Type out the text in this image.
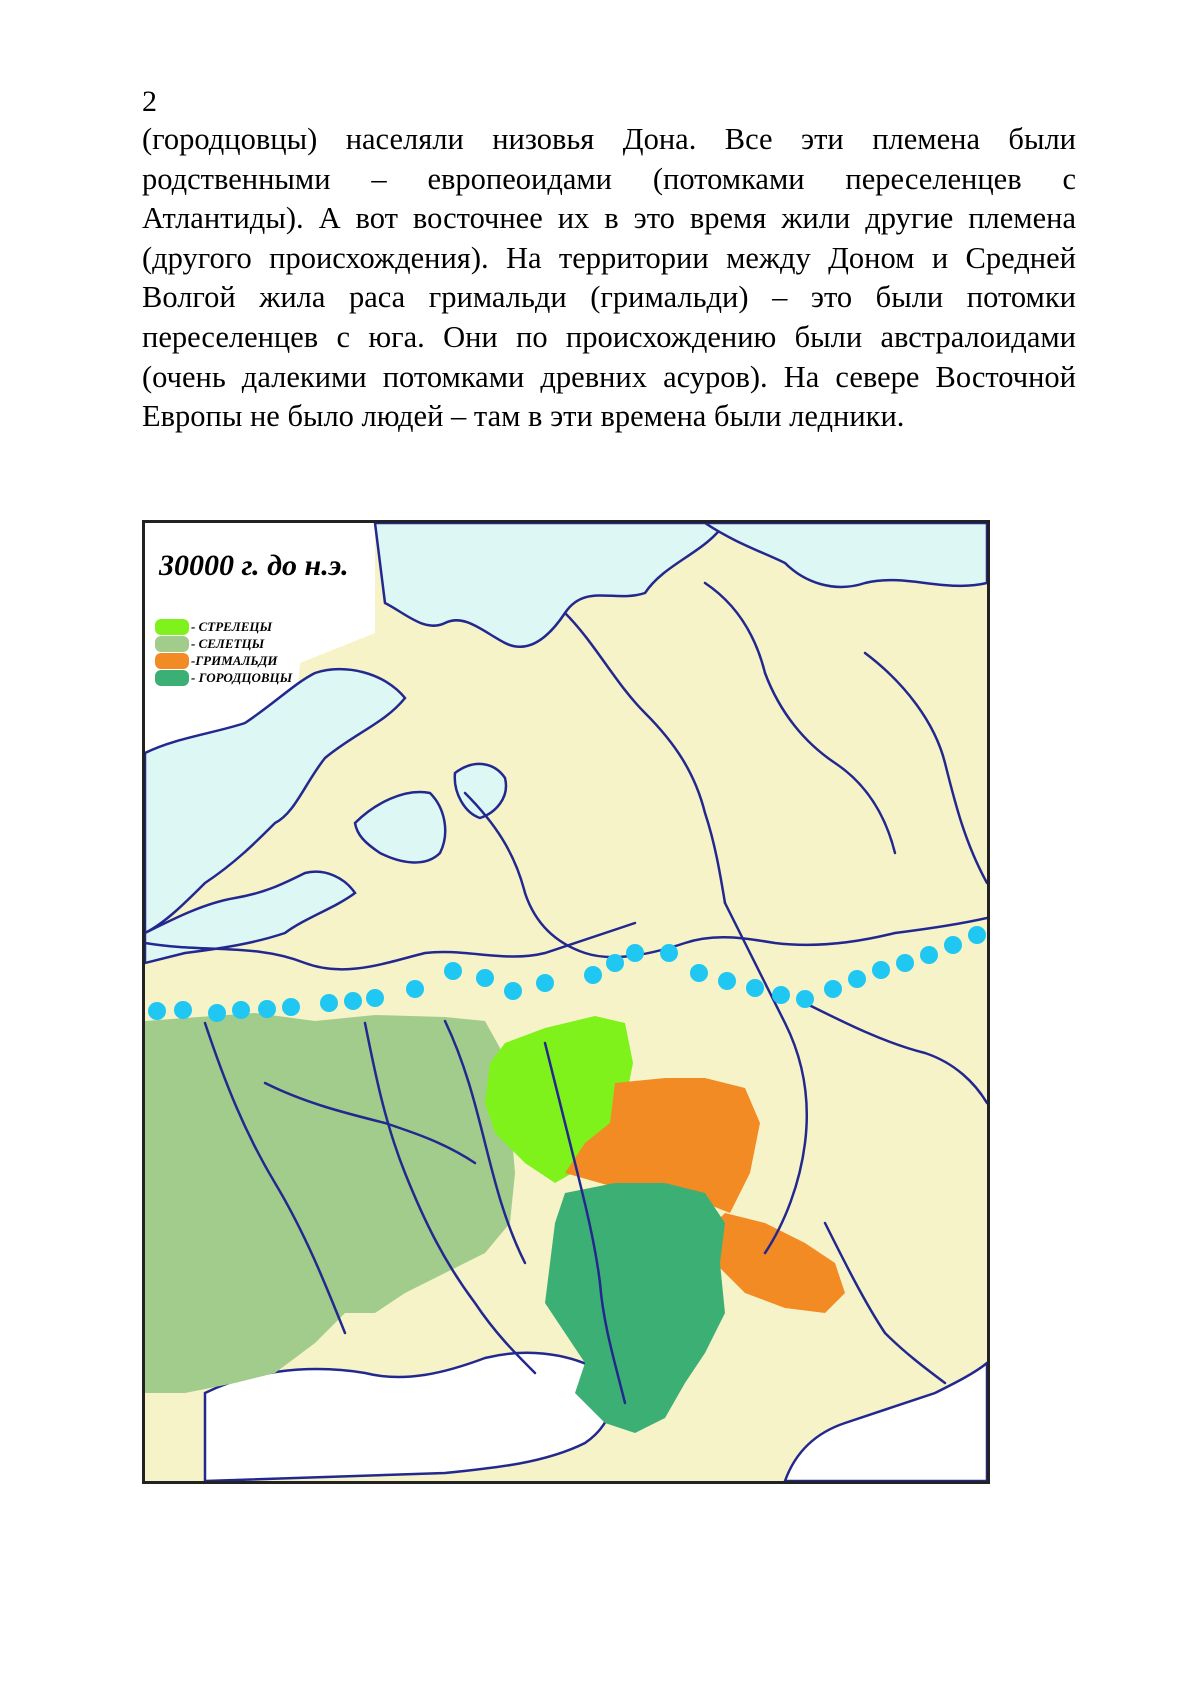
2

(городцовцы) населяли низовья Дона. Все эти племена были родственными – европеоидами (потомками переселенцев с Атлантиды). А вот восточнее их в это время жили другие племена (другого происхождения). На территории между Доном и Средней Волгой жила раса гримальди (гримальди) – это были потомки переселенцев с юга. Они по происхождению были австралоидами (очень далекими потомками древних асуров). На севере Восточной Европы не было людей – там в эти времена были ледники.

30000 г. до н.э.
- СТРЕЛЕЦЫ
- СЕЛЕТЦЫ
-ГРИМАЛЬДИ
- ГОРОДЦОВЦЫ
